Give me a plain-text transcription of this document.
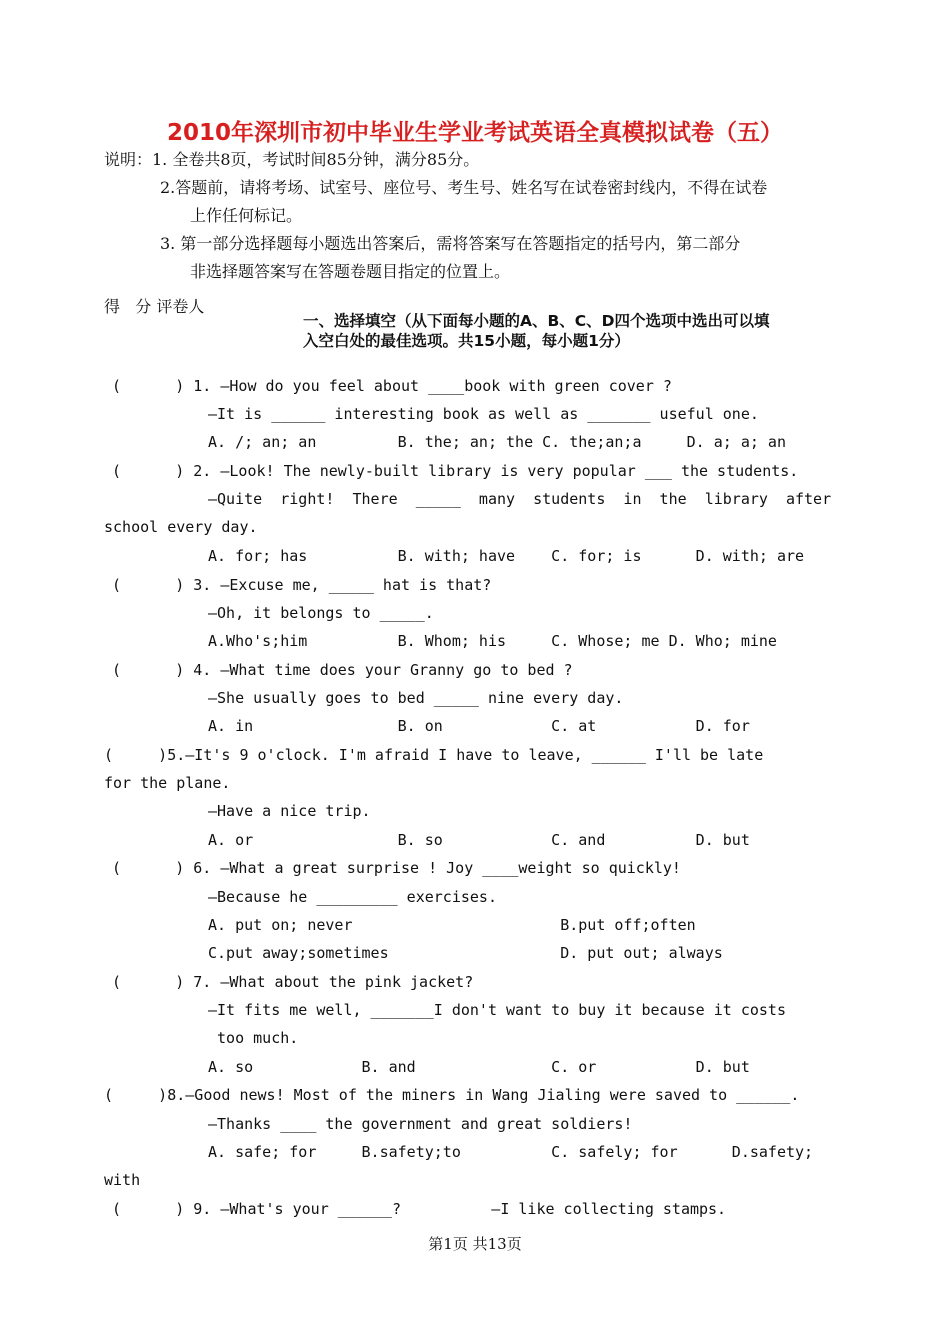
2010年深圳市初中毕业生学业考试英语全真模拟试卷（五）
说明：1. 全卷共8页，考试时间85分钟，满分85分。
2.答题前，请将考场、试室号、座位号、考生号、姓名写在试卷密封线内，不得在试卷
上作任何标记。
3. 第一部分选择题每小题选出答案后，需将答案写在答题指定的括号内，第二部分
非选择题答案写在答题卷题目指定的位置上。
得   分 评卷人
一、选择填空（从下面每小题的A、B、C、D四个选项中选出可以填
入空白处的最佳选项。共15小题，每小题1分）
(      ) 1. —How do you feel about ____book with green cover ?
—It is ______ interesting book as well as _______ useful one.
A. /; an; an         B. the; an; the C. the;an;a     D. a; a; an
(      ) 2. —Look! The newly-built library is very popular ___ the students.
—Quite  right!  There  _____  many  students  in  the  library  after
school every day.
A. for; has          B. with; have    C. for; is      D. with; are
(      ) 3. —Excuse me, _____ hat is that?
—Oh, it belongs to _____.
A.Who's;him          B. Whom; his     C. Whose; me D. Who; mine
(      ) 4. —What time does your Granny go to bed ?
—She usually goes to bed _____ nine every day.
A. in                B. on            C. at           D. for
(     )5.—It's 9 o'clock. I'm afraid I have to leave, ______ I'll be late
for the plane.
—Have a nice trip.
A. or                B. so            C. and          D. but
(      ) 6. —What a great surprise ! Joy ____weight so quickly!
—Because he _________ exercises.
A. put on; never                       B.put off;often
C.put away;sometimes                   D. put out; always
(      ) 7. —What about the pink jacket?
—It fits me well, _______I don't want to buy it because it costs
too much.
A. so            B. and               C. or           D. but
(     )8.—Good news! Most of the miners in Wang Jialing were saved to ______.
—Thanks ____ the government and great soldiers!
A. safe; for     B.safety;to          C. safely; for      D.safety;
with
(      ) 9. —What's your ______?          —I like collecting stamps.
第1页 共13页
